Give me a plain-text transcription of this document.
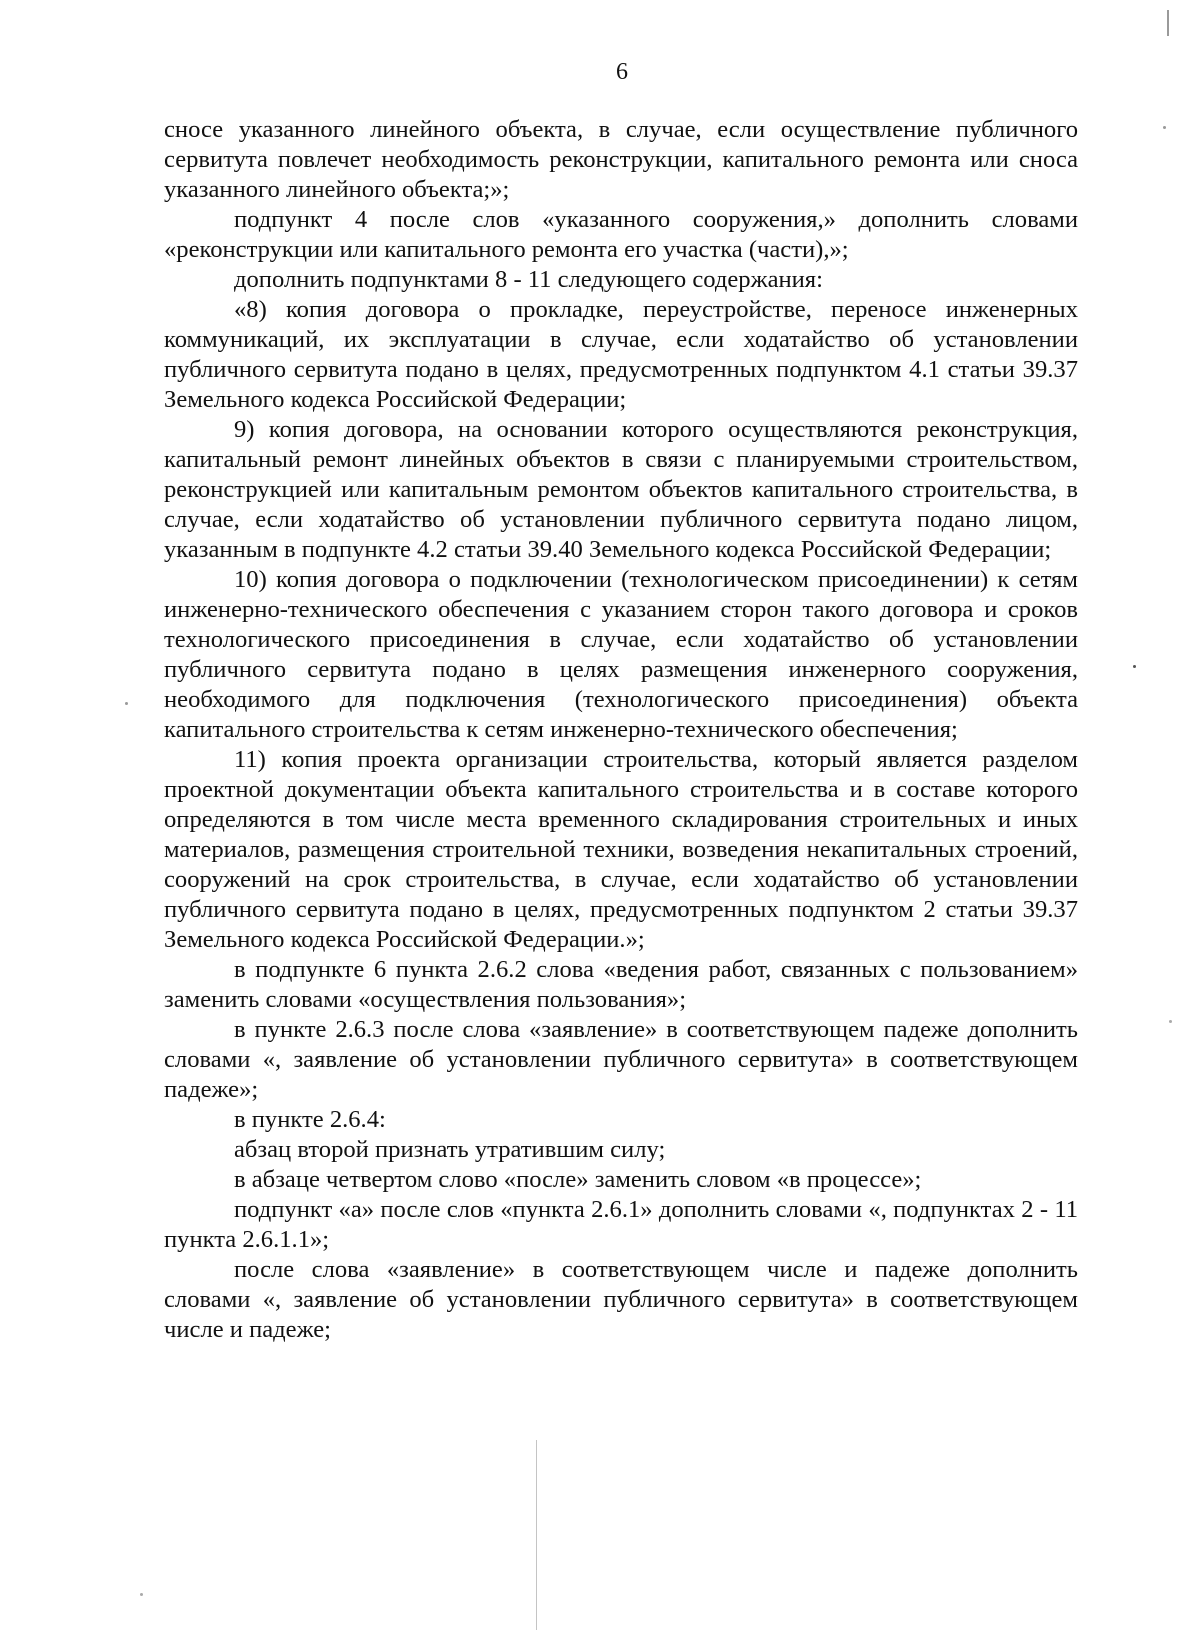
6

сносе указанного линейного объекта, в случае, если осуществление публичного сервитута повлечет необходимость реконструкции, капитального ремонта или сноса указанного линейного объекта;»;

подпункт 4 после слов «указанного сооружения,» дополнить словами «реконструкции или капитального ремонта его участка (части),»;

дополнить подпунктами 8 - 11 следующего содержания:

«8) копия договора о прокладке, переустройстве, переносе инженерных коммуникаций, их эксплуатации в случае, если ходатайство об установлении публичного сервитута подано в целях, предусмотренных подпунктом 4.1 статьи 39.37 Земельного кодекса Российской Федерации;

9) копия договора, на основании которого осуществляются реконструкция, капитальный ремонт линейных объектов в связи с планируемыми строительством, реконструкцией или капитальным ремонтом объектов капитального строительства, в случае, если ходатайство об установлении публичного сервитута подано лицом, указанным в подпункте 4.2 статьи 39.40 Земельного кодекса Российской Федерации;

10) копия договора о подключении (технологическом присоединении) к сетям инженерно-технического обеспечения с указанием сторон такого договора и сроков технологического присоединения в случае, если ходатайство об установлении публичного сервитута подано в целях размещения инженерного сооружения, необходимого для подключения (технологического присоединения) объекта капитального строительства к сетям инженерно-технического обеспечения;

11) копия проекта организации строительства, который является разделом проектной документации объекта капитального строительства и в составе которого определяются в том числе места временного складирования строительных и иных материалов, размещения строительной техники, возведения некапитальных строений, сооружений на срок строительства, в случае, если ходатайство об установлении публичного сервитута подано в целях, предусмотренных подпунктом 2 статьи 39.37 Земельного кодекса Российской Федерации.»;

в подпункте 6 пункта 2.6.2 слова «ведения работ, связанных с пользованием» заменить словами «осуществления пользования»;

в пункте 2.6.3 после слова «заявление» в соответствующем падеже дополнить словами «, заявление об установлении публичного сервитута» в соответствующем падеже»;

в пункте 2.6.4:

абзац второй признать утратившим силу;

в абзаце четвертом слово «после» заменить словом «в процессе»;

подпункт «а» после слов «пункта 2.6.1» дополнить словами «, подпунктах 2 - 11 пункта 2.6.1.1»;

после слова «заявление» в соответствующем числе и падеже дополнить словами «, заявление об установлении публичного сервитута» в соответствующем числе и падеже;
